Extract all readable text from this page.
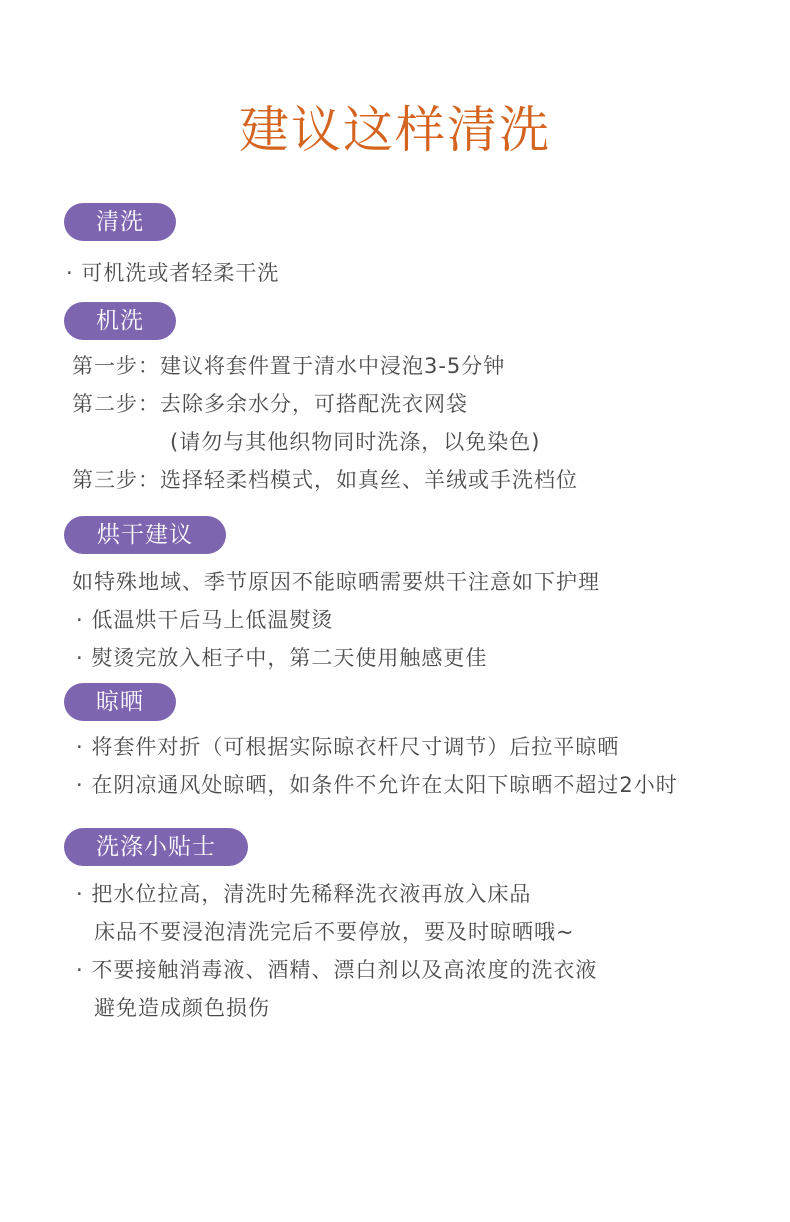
建议这样清洗
清洗
· 可机洗或者轻柔干洗
机洗
第一步：建议将套件置于清水中浸泡3-5分钟
第二步：去除多余水分，可搭配洗衣网袋
(请勿与其他织物同时洗涤，以免染色)
第三步：选择轻柔档模式，如真丝、羊绒或手洗档位
烘干建议
如特殊地域、季节原因不能晾晒需要烘干注意如下护理
· 低温烘干后马上低温熨烫
· 熨烫完放入柜子中，第二天使用触感更佳
晾晒
· 将套件对折（可根据实际晾衣杆尺寸调节）后拉平晾晒
· 在阴凉通风处晾晒，如条件不允许在太阳下晾晒不超过2小时
洗涤小贴士
· 把水位拉高，清洗时先稀释洗衣液再放入床品
床品不要浸泡清洗完后不要停放，要及时晾晒哦~
· 不要接触消毒液、酒精、漂白剂以及高浓度的洗衣液
避免造成颜色损伤
